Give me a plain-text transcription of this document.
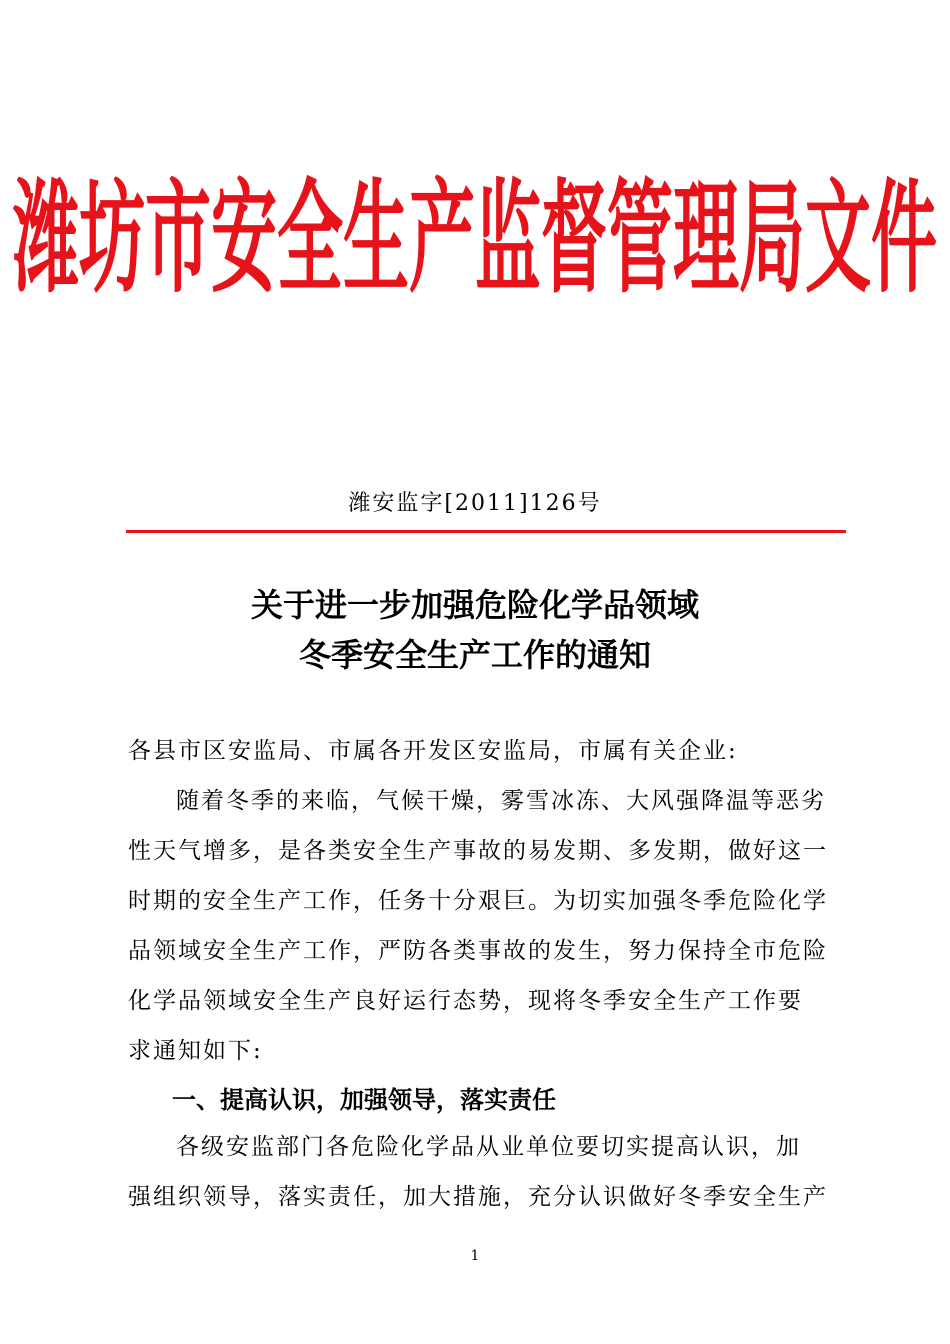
潍坊市安全生产监督管理局文件
潍安监字[2011]126号
关于进一步加强危险化学品领域
冬季安全生产工作的通知
各县市区安监局、市属各开发区安监局，市属有关企业:
随着冬季的来临，气候干燥，雾雪冰冻、大风强降温等恶劣
性天气增多，是各类安全生产事故的易发期、多发期，做好这一
时期的安全生产工作，任务十分艰巨。为切实加强冬季危险化学
品领域安全生产工作，严防各类事故的发生，努力保持全市危险
化学品领域安全生产良好运行态势，现将冬季安全生产工作要
求通知如下:
一、提高认识，加强领导，落实责任
各级安监部门各危险化学品从业单位要切实提高认识，加
强组织领导，落实责任，加大措施，充分认识做好冬季安全生产
1
